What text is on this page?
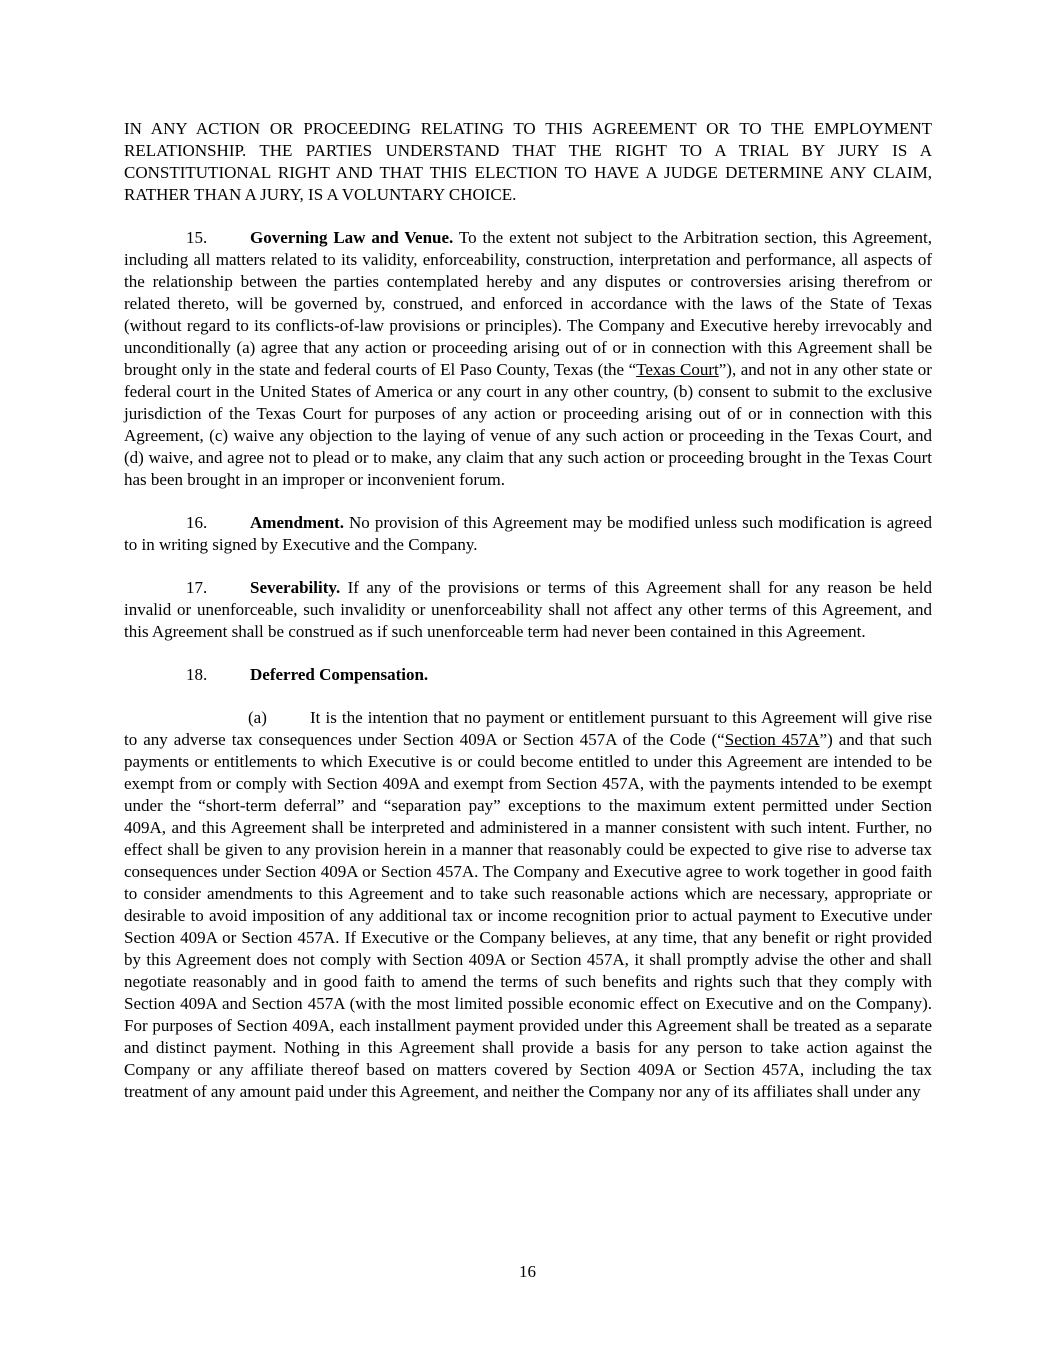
IN ANY ACTION OR PROCEEDING RELATING TO THIS AGREEMENT OR TO THE EMPLOYMENT RELATIONSHIP. THE PARTIES UNDERSTAND THAT THE RIGHT TO A TRIAL BY JURY IS A CONSTITUTIONAL RIGHT AND THAT THIS ELECTION TO HAVE A JUDGE DETERMINE ANY CLAIM, RATHER THAN A JURY, IS A VOLUNTARY CHOICE.

15.	Governing Law and Venue. To the extent not subject to the Arbitration section, this Agreement, including all matters related to its validity, enforceability, construction, interpretation and performance, all aspects of the relationship between the parties contemplated hereby and any disputes or controversies arising therefrom or related thereto, will be governed by, construed, and enforced in accordance with the laws of the State of Texas (without regard to its conflicts-of-law provisions or principles). The Company and Executive hereby irrevocably and unconditionally (a) agree that any action or proceeding arising out of or in connection with this Agreement shall be brought only in the state and federal courts of El Paso County, Texas (the “Texas Court”), and not in any other state or federal court in the United States of America or any court in any other country, (b) consent to submit to the exclusive jurisdiction of the Texas Court for purposes of any action or proceeding arising out of or in connection with this Agreement, (c) waive any objection to the laying of venue of any such action or proceeding in the Texas Court, and (d) waive, and agree not to plead or to make, any claim that any such action or proceeding brought in the Texas Court has been brought in an improper or inconvenient forum.

16.	Amendment. No provision of this Agreement may be modified unless such modification is agreed to in writing signed by Executive and the Company.

17.	Severability. If any of the provisions or terms of this Agreement shall for any reason be held invalid or unenforceable, such invalidity or unenforceability shall not affect any other terms of this Agreement, and this Agreement shall be construed as if such unenforceable term had never been contained in this Agreement.

18.	Deferred Compensation.

(a)	It is the intention that no payment or entitlement pursuant to this Agreement will give rise to any adverse tax consequences under Section 409A or Section 457A of the Code (“Section 457A”) and that such payments or entitlements to which Executive is or could become entitled to under this Agreement are intended to be exempt from or comply with Section 409A and exempt from Section 457A, with the payments intended to be exempt under the “short-term deferral” and “separation pay” exceptions to the maximum extent permitted under Section 409A, and this Agreement shall be interpreted and administered in a manner consistent with such intent. Further, no effect shall be given to any provision herein in a manner that reasonably could be expected to give rise to adverse tax consequences under Section 409A or Section 457A. The Company and Executive agree to work together in good faith to consider amendments to this Agreement and to take such reasonable actions which are necessary, appropriate or desirable to avoid imposition of any additional tax or income recognition prior to actual payment to Executive under Section 409A or Section 457A. If Executive or the Company believes, at any time, that any benefit or right provided by this Agreement does not comply with Section 409A or Section 457A, it shall promptly advise the other and shall negotiate reasonably and in good faith to amend the terms of such benefits and rights such that they comply with Section 409A and Section 457A (with the most limited possible economic effect on Executive and on the Company). For purposes of Section 409A, each installment payment provided under this Agreement shall be treated as a separate and distinct payment. Nothing in this Agreement shall provide a basis for any person to take action against the Company or any affiliate thereof based on matters covered by Section 409A or Section 457A, including the tax treatment of any amount paid under this Agreement, and neither the Company nor any of its affiliates shall under any

16
